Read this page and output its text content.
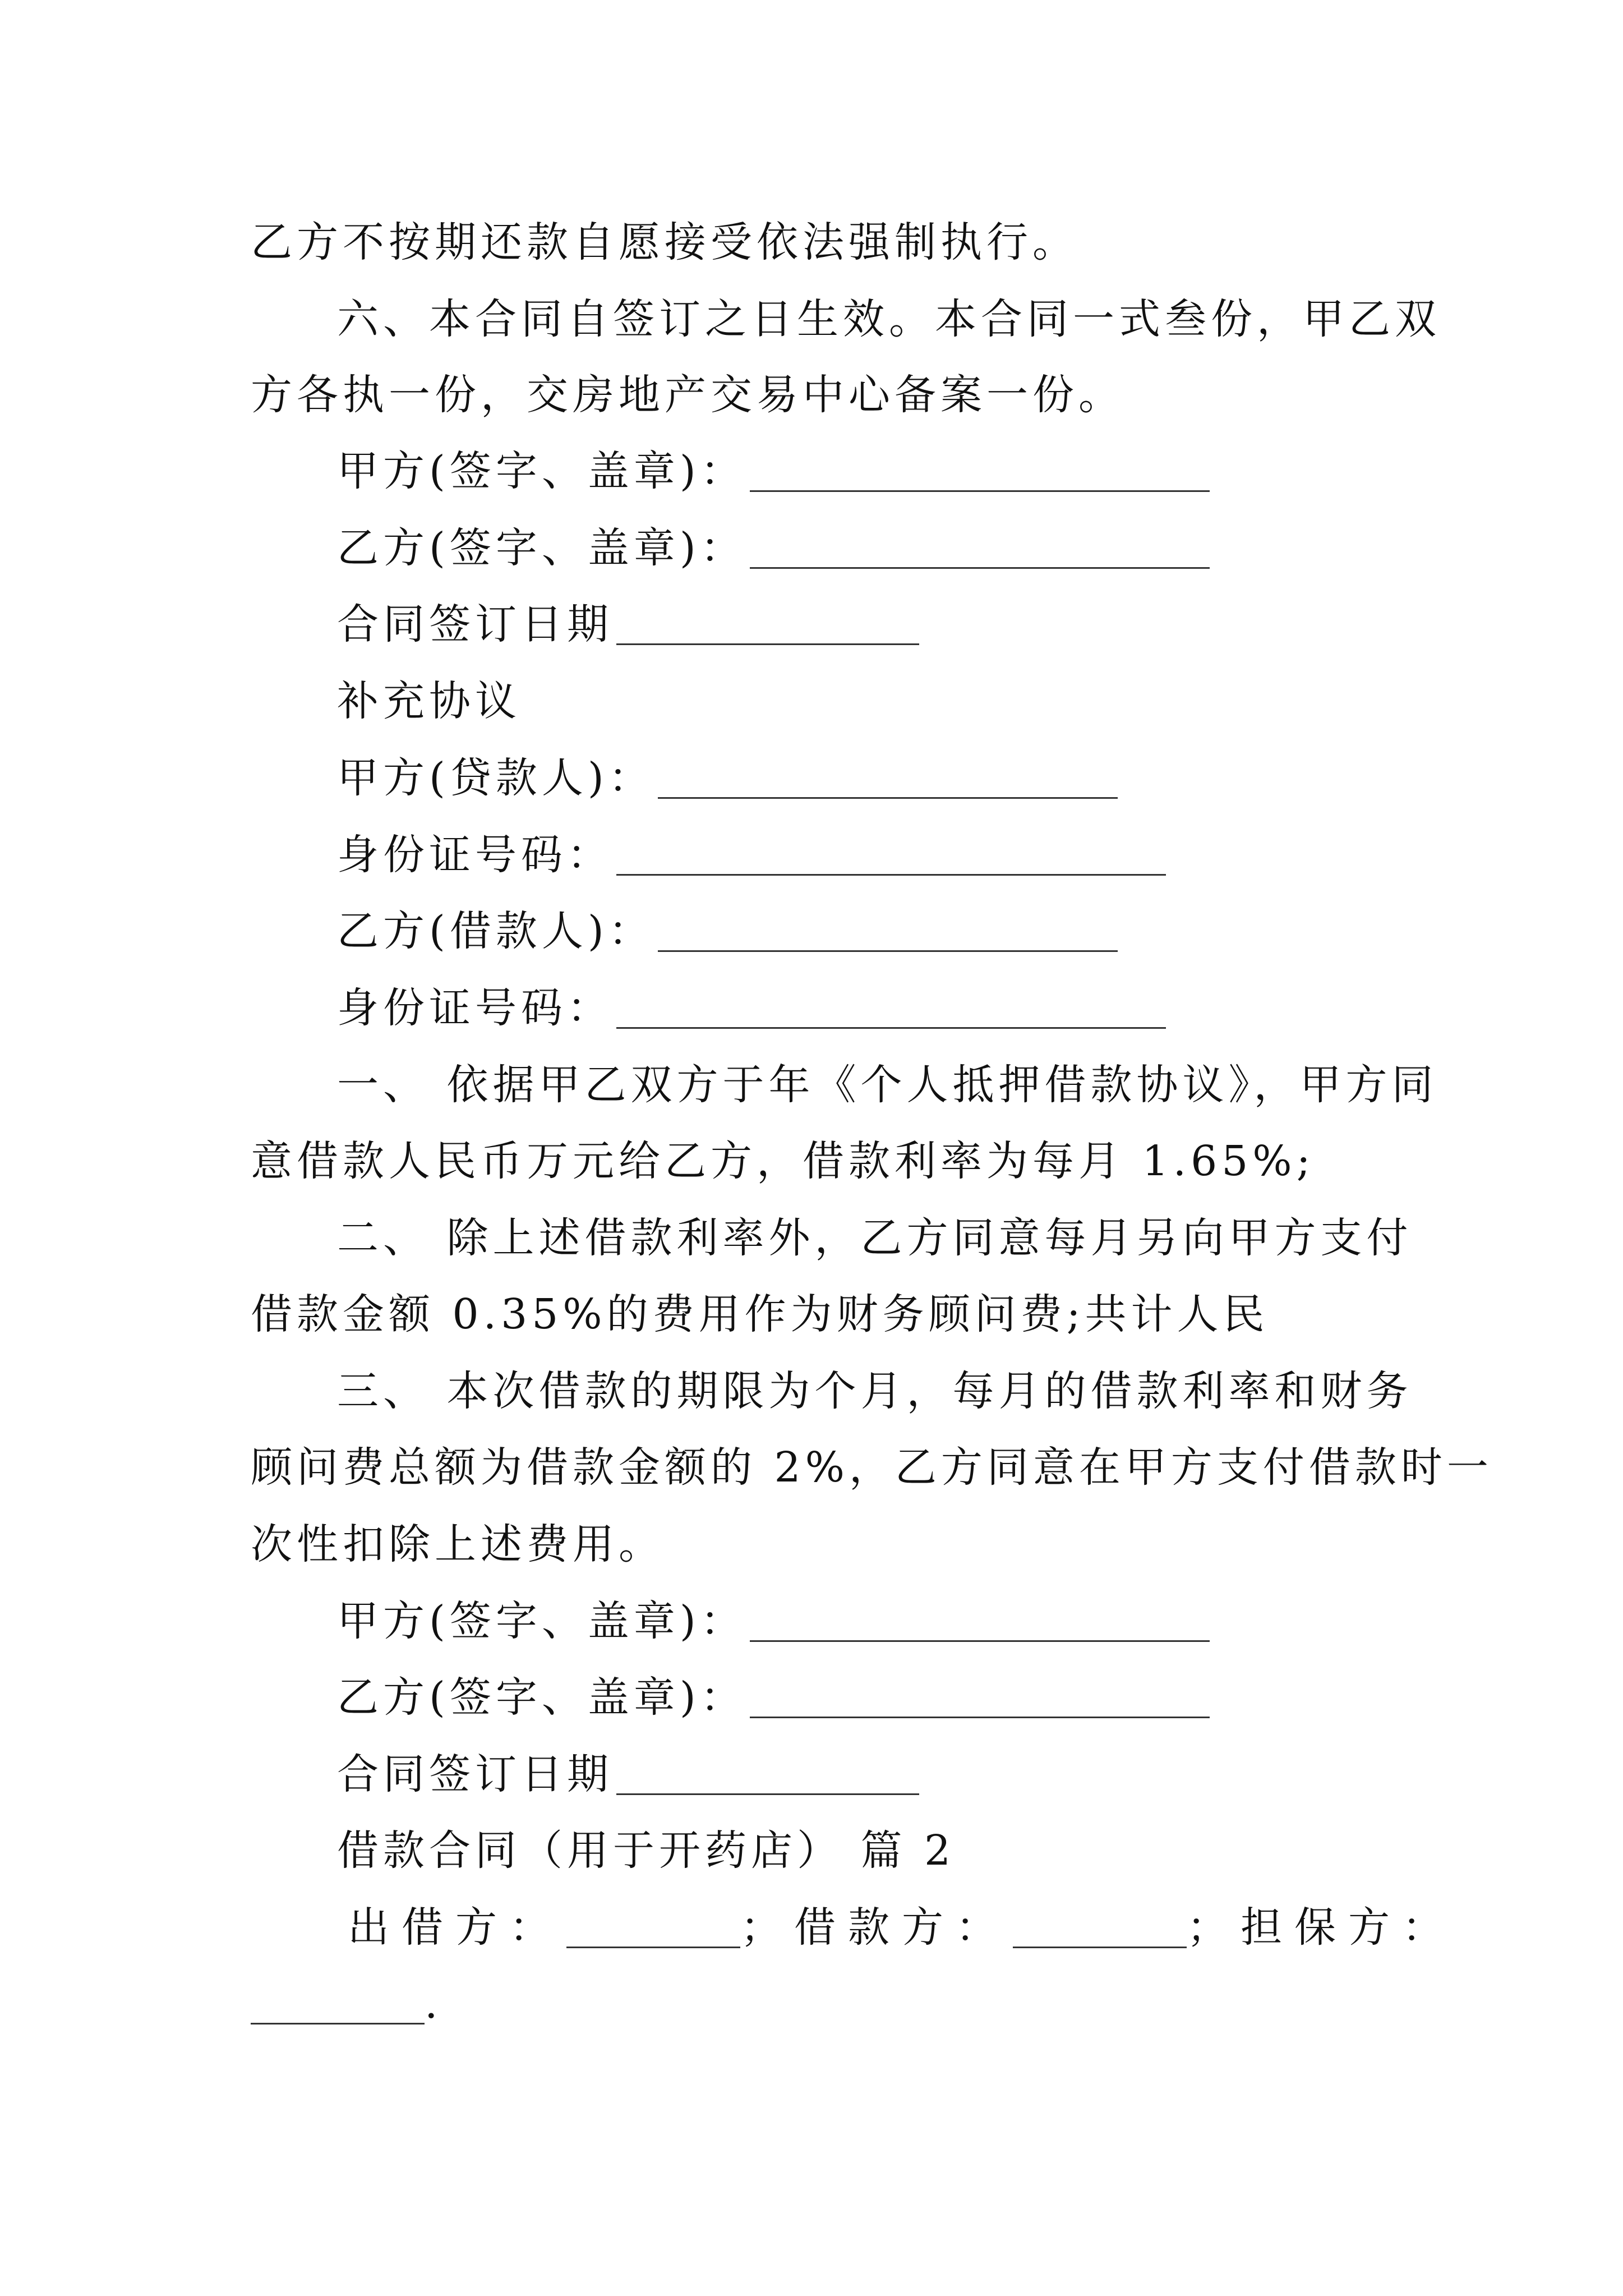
乙方不按期还款自愿接受依法强制执行。
六、本合同自签订之日生效。本合同一式叁份，甲乙双
方各执一份，交房地产交易中心备案一份。
甲方(签字、盖章)：
乙方(签字、盖章)：
合同签订日期
补充协议
甲方(贷款人)：
身份证号码：
乙方(借款人)：
身份证号码：
一、 依据甲乙双方于年《个人抵押借款协议》，甲方同
意借款人民币万元给乙方，借款利率为每月 1.65%;
二、 除上述借款利率外，乙方同意每月另向甲方支付
借款金额 0.35%的费用作为财务顾问费;共计人民
三、 本次借款的期限为个月，每月的借款利率和财务
顾问费总额为借款金额的 2%，乙方同意在甲方支付借款时一
次性扣除上述费用。
甲方(签字、盖章)：
乙方(签字、盖章)：
合同签订日期
借款合同（用于开药店） 篇 2
出借方：	；借款方：	；担保方：
.
